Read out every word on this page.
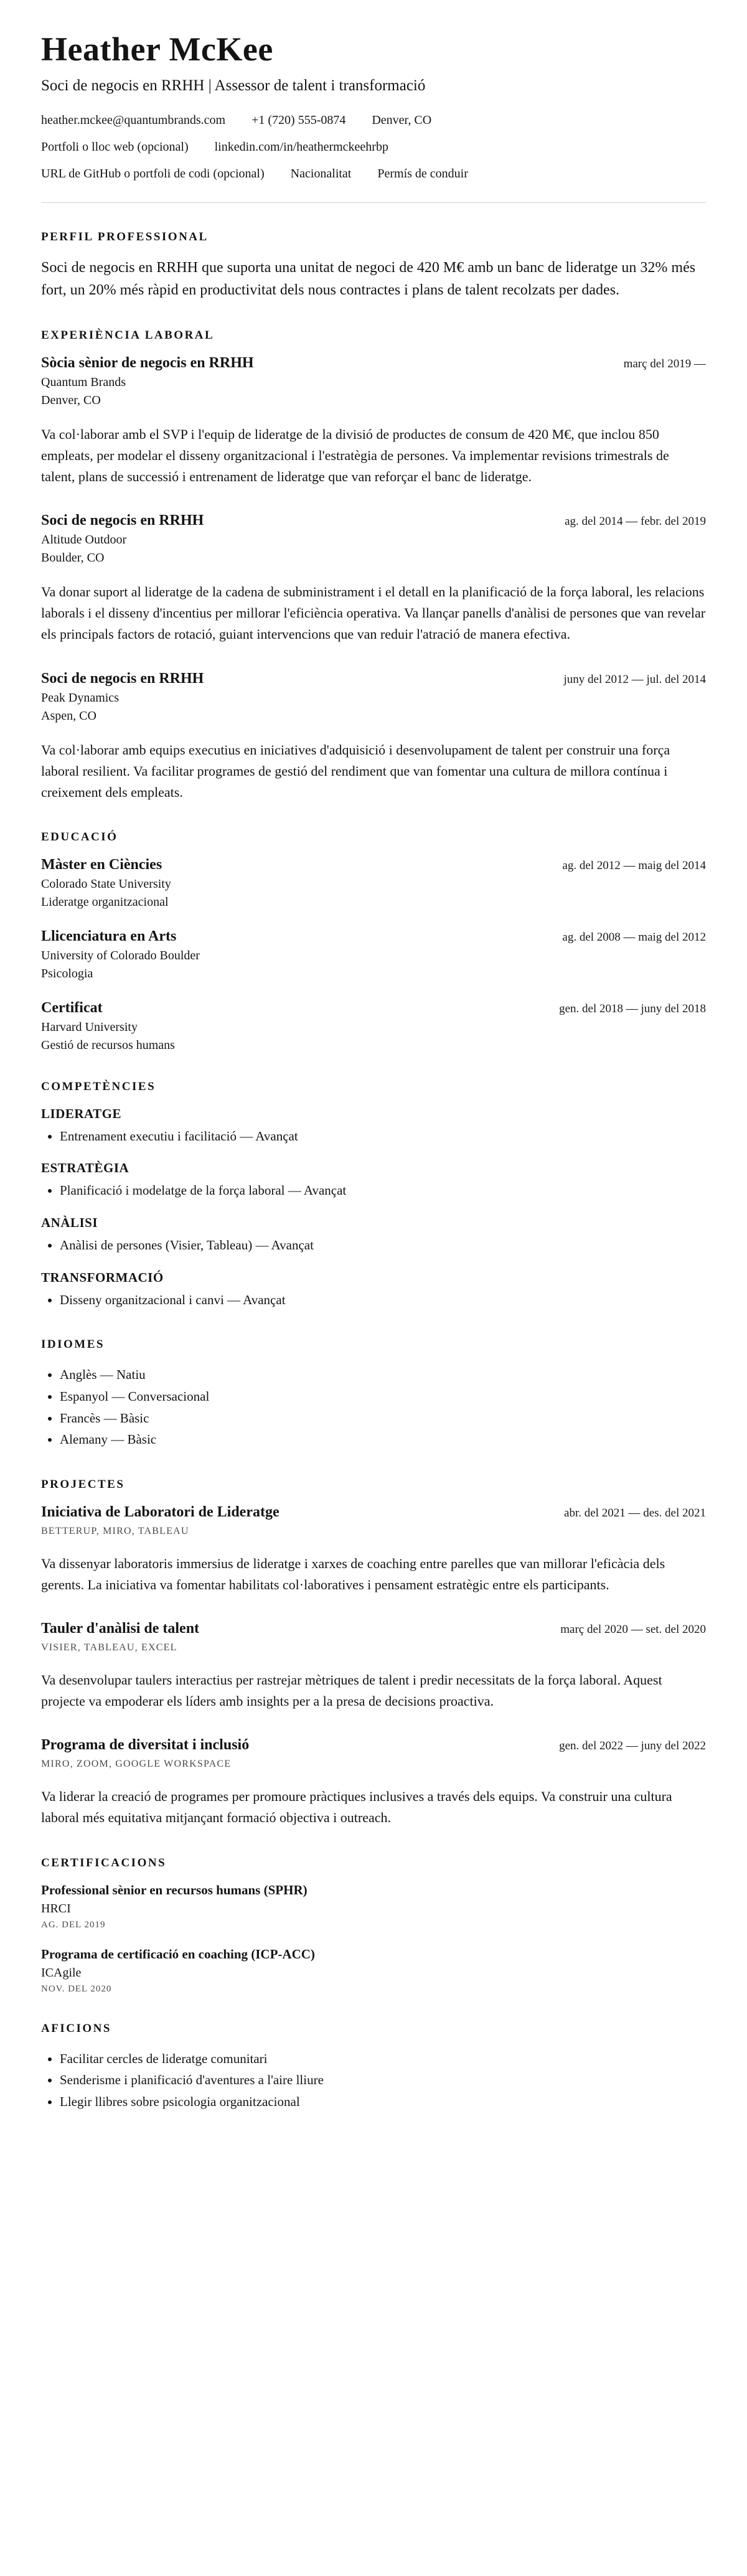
Heather McKee
Soci de negocis en RRHH | Assessor de talent i transformació
heather.mckee@quantumbrands.com +1 (720) 555-0874 Denver, CO
Portfoli o lloc web (opcional) linkedin.com/in/heathermckeehrbp
URL de GitHub o portfoli de codi (opcional) Nacionalitat Permís de conduir
PERFIL PROFESSIONAL

Soci de negocis en RRHH que suporta una unitat de negoci de 420 M€ amb un banc de lideratge un 32% més fort, un 20% més ràpid en productivitat dels nous contractes i plans de talent recolzats per dades.

EXPERIÈNCIA LABORAL
Sòcia sènior de negocis en RRHH	març del 2019 —
Quantum Brands
Denver, CO

Va col·laborar amb el SVP i l'equip de lideratge de la divisió de productes de consum de 420 M€, que inclou 850 empleats, per modelar el disseny organitzacional i l'estratègia de persones. Va implementar revisions trimestrals de talent, plans de successió i entrenament de lideratge que van reforçar el banc de lideratge.

Soci de negocis en RRHH	ag. del 2014 — febr. del 2019
Altitude Outdoor
Boulder, CO

Va donar suport al lideratge de la cadena de subministrament i el detall en la planificació de la força laboral, les relacions laborals i el disseny d'incentius per millorar l'eficiència operativa. Va llançar panells d'anàlisi de persones que van revelar els principals factors de rotació, guiant intervencions que van reduir l'atració de manera efectiva.

Soci de negocis en RRHH	juny del 2012 — jul. del 2014
Peak Dynamics
Aspen, CO

Va col·laborar amb equips executius en iniciatives d'adquisició i desenvolupament de talent per construir una força laboral resilient. Va facilitar programes de gestió del rendiment que van fomentar una cultura de millora contínua i creixement dels empleats.

EDUCACIÓ
Màster en Ciències	ag. del 2012 — maig del 2014
Colorado State University
Lideratge organitzacional
Llicenciatura en Arts	ag. del 2008 — maig del 2012
University of Colorado Boulder
Psicologia
Certificat	gen. del 2018 — juny del 2018
Harvard University
Gestió de recursos humans
COMPETÈNCIES
LIDERATGE
• Entrenament executiu i facilitació — Avançat
ESTRATÈGIA
• Planificació i modelatge de la força laboral — Avançat
ANÀLISI
• Anàlisi de persones (Visier, Tableau) — Avançat
TRANSFORMACIÓ
• Disseny organitzacional i canvi — Avançat
IDIOMES
• Anglès — Natiu
• Espanyol — Conversacional
• Francès — Bàsic
• Alemany — Bàsic
PROJECTES
Iniciativa de Laboratori de Lideratge	abr. del 2021 — des. del 2021
BETTERUP, MIRO, TABLEAU

Va dissenyar laboratoris immersius de lideratge i xarxes de coaching entre parelles que van millorar l'eficàcia dels gerents. La iniciativa va fomentar habilitats col·laboratives i pensament estratègic entre els participants.

Tauler d'anàlisi de talent	març del 2020 — set. del 2020
VISIER, TABLEAU, EXCEL

Va desenvolupar taulers interactius per rastrejar mètriques de talent i predir necessitats de la força laboral. Aquest projecte va empoderar els líders amb insights per a la presa de decisions proactiva.

Programa de diversitat i inclusió	gen. del 2022 — juny del 2022
MIRO, ZOOM, GOOGLE WORKSPACE

Va liderar la creació de programes per promoure pràctiques inclusives a través dels equips. Va construir una cultura laboral més equitativa mitjançant formació objectiva i outreach.

CERTIFICACIONS
Professional sènior en recursos humans (SPHR)
HRCI
AG. DEL 2019
Programa de certificació en coaching (ICP-ACC)
ICAgile
NOV. DEL 2020
AFICIONS
• Facilitar cercles de lideratge comunitari
• Senderisme i planificació d'aventures a l'aire lliure
• Llegir llibres sobre psicologia organitzacional
